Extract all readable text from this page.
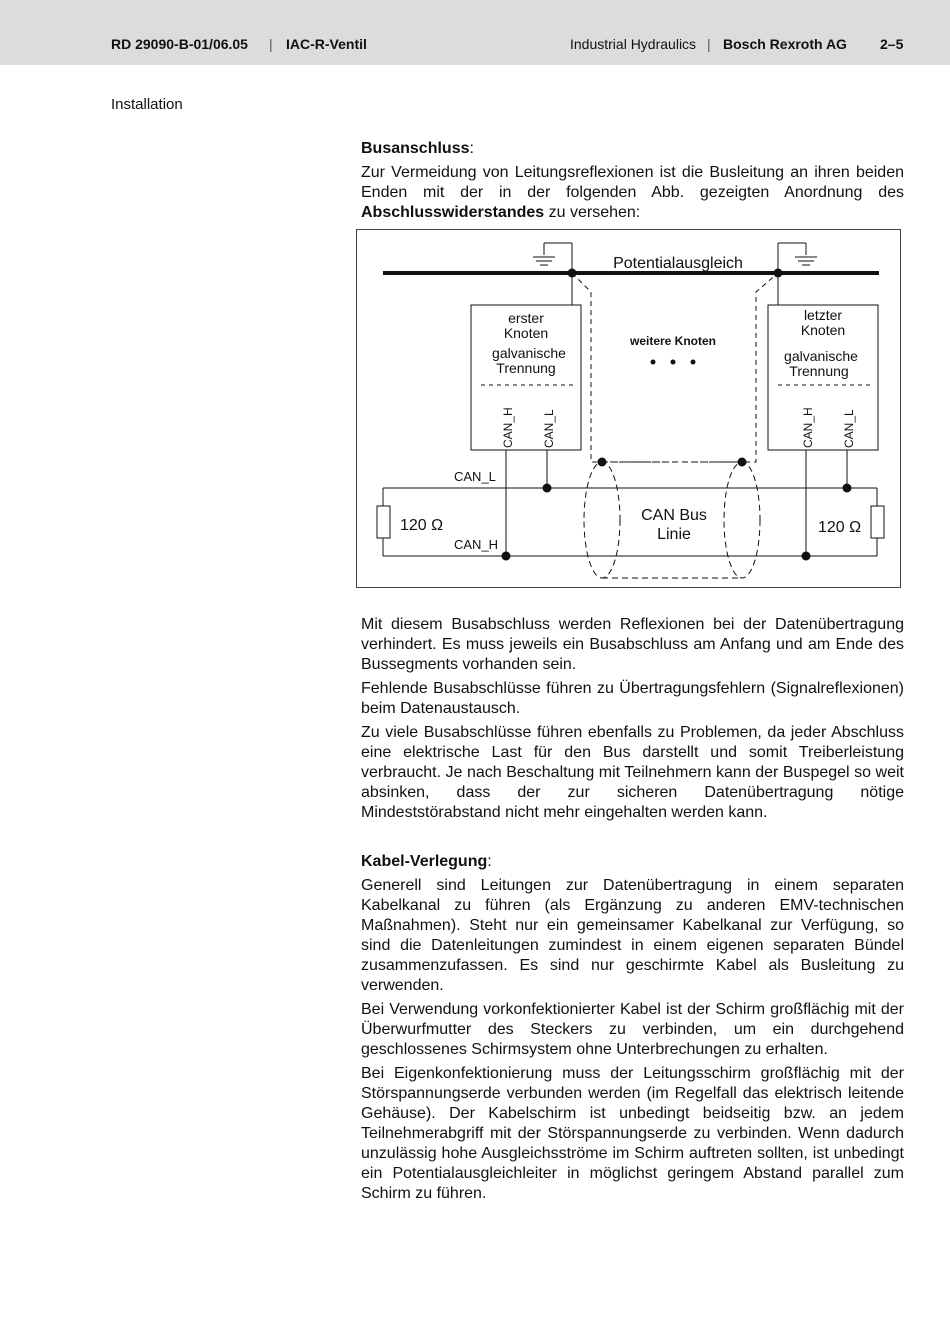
RD 29090-B-01/06.05 | IAC-R-Ventil	Industrial Hydraulics | Bosch Rexroth AG 2–5
Installation

Busanschluss:

Zur Vermeidung von Leitungsreflexionen ist die Busleitung an ihren beiden Enden mit der in der folgenden Abb. gezeigten Anordnung des Abschlusswiderstandes zu versehen:

Potentialausgleich
erster
Knoten
galvanische
Trennung
letzter
Knoten
galvanische
Trennung
weitere Knoten
CAN_H CAN_L	CAN_H CAN_L
CAN_L
CAN_H
CAN Bus
Linie
120 Ω	120 Ω

Mit diesem Busabschluss werden Reflexionen bei der Datenübertragung verhindert. Es muss jeweils ein Busabschluss am Anfang und am Ende des Bussegments vorhanden sein.

Fehlende Busabschlüsse führen zu Übertragungsfehlern (Signalreflexionen) beim Datenaustausch.

Zu viele Busabschlüsse führen ebenfalls zu Problemen, da jeder Abschluss eine elektrische Last für den Bus darstellt und somit Treiberleistung verbraucht. Je nach Beschaltung mit Teilnehmern kann der Buspegel so weit absinken, dass der zur sicheren Datenübertragung nötige Mindeststörabstand nicht mehr eingehalten werden kann.

Kabel-Verlegung:

Generell sind Leitungen zur Datenübertragung in einem separaten Kabelkanal zu führen (als Ergänzung zu anderen EMV-technischen Maßnahmen). Steht nur ein gemeinsamer Kabelkanal zur Verfügung, so sind die Datenleitungen zumindest in einem eigenen separaten Bündel zusammenzufassen. Es sind nur geschirmte Kabel als Busleitung zu verwenden.

Bei Verwendung vorkonfektionierter Kabel ist der Schirm großflächig mit der Überwurfmutter des Steckers zu verbinden, um ein durchgehend geschlossenes Schirmsystem ohne Unterbrechungen zu erhalten.

Bei Eigenkonfektionierung muss der Leitungsschirm großflächig mit der Störspannungserde verbunden werden (im Regelfall das elektrisch leitende Gehäuse). Der Kabelschirm ist unbedingt beidseitig bzw. an jedem Teilnehmerabgriff mit der Störspannungserde zu verbinden. Wenn dadurch unzulässig hohe Ausgleichsströme im Schirm auftreten sollten, ist unbedingt ein Potentialausgleichleiter in möglichst geringem Abstand parallel zum Schirm zu führen.
